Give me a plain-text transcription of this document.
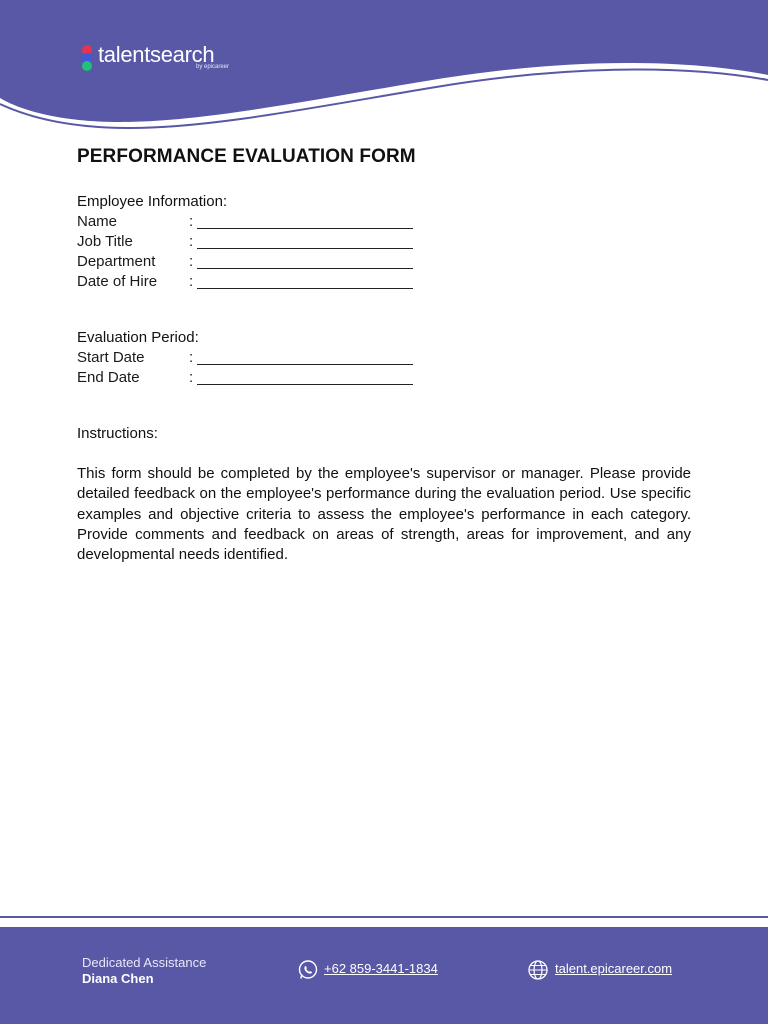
talentsearch
by epicareer
PERFORMANCE EVALUATION FORM
Employee Information:
Name	:
Job Title	:
Department :
Date of Hire :
Evaluation Period:
Start Date	:
End Date	:
Instructions:

This form should be completed by the employee's supervisor or manager. Please provide detailed feedback on the employee's performance during the evaluation period. Use specific examples and objective criteria to assess the employee's performance in each category. Provide comments and feedback on areas of strength, areas for improvement, and any developmental needs identified.

Dedicated Assistance
Diana Chen
+62 859-3441-1834	talent.epicareer.com
